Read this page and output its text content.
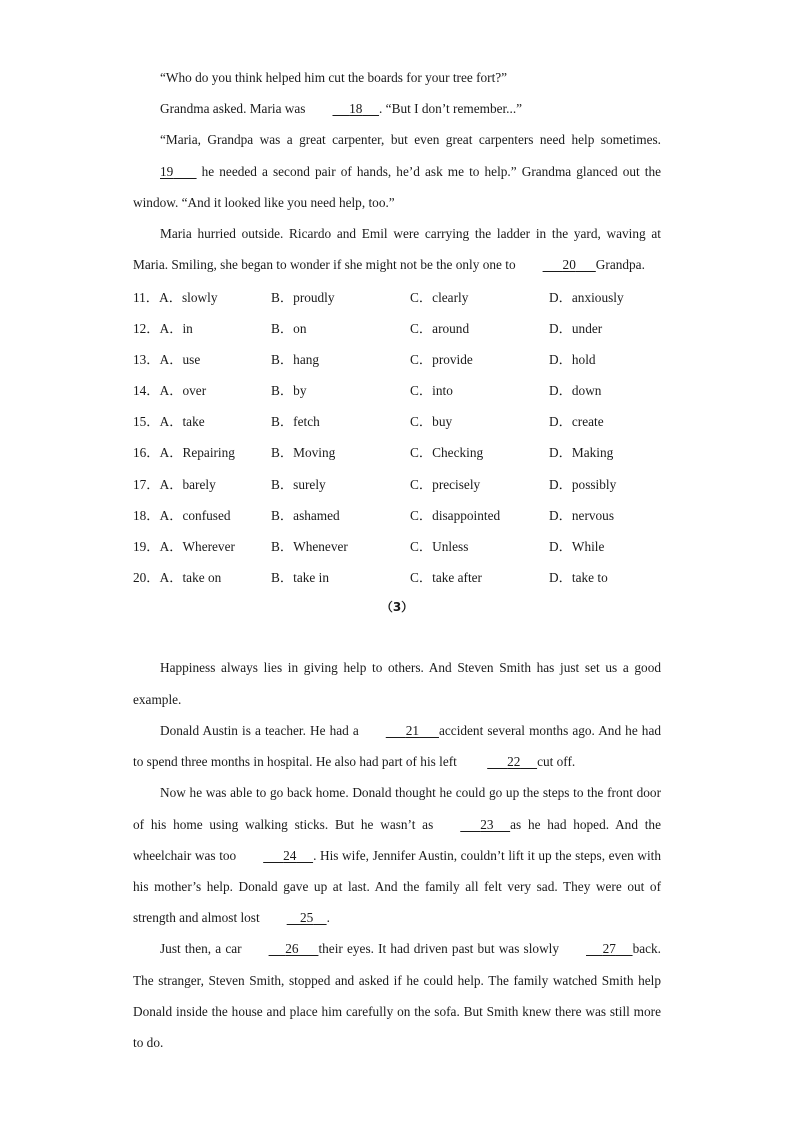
“Who do you think helped him cut the boards for your tree fort?”

Grandma asked. Maria was	18 . “But I don’t remember...”

“Maria, Grandpa was a great carpenter, but even great carpenters need help sometimes. 19        he needed a second pair of hands, he’d ask me to help.” Grandma glanced out the window. “And it looked like you need help, too.”

Maria hurried outside. Ricardo and Emil were carrying the ladder in the yard, waving at Maria. Smiling, she began to wonder if she might not be the only one to	20 Grandpa.

11．A．slowly	B．proudly	C．clearly	D．anxiously
12．A．in	B．on	C．around	D．under
13．A．use	B．hang	C．provide	D．hold
14．A．over	B．by	C．into	D．down
15．A．take	B．fetch	C．buy	D．create
16．A．Repairing	B．Moving	C．Checking	D．Making
17．A．barely	B．surely	C．precisely	D．possibly
18．A．confused	B．ashamed	C．disappointed	D．nervous
19．A．Wherever	B．Whenever	C．Unless	D．While
20．A．take on	B．take in	C．take after	D．take to
（3）

Happiness always lies in giving help to others. And Steven Smith has just set us a good example.

Donald Austin is a teacher. He had a	21 accident several months ago. And he had to spend three months in hospital. He also had part of his left	22 cut off.

Now he was able to go back home. Donald thought he could go up the steps to the front door of his home using walking sticks. But he wasn’t as	23 as he had hoped. And the wheelchair was too	24 . His wife, Jennifer Austin, couldn’t lift it up the steps, even with his mother’s help. Donald gave up at last. And the family all felt very sad. They were out of strength and almost lost	25 .

Just then, a car	26 their eyes. It had driven past but was slowly	27 back. The stranger, Steven Smith, stopped and asked if he could help. The family watched Smith help Donald inside the house and place him carefully on the sofa. But Smith knew there was still more to do.
